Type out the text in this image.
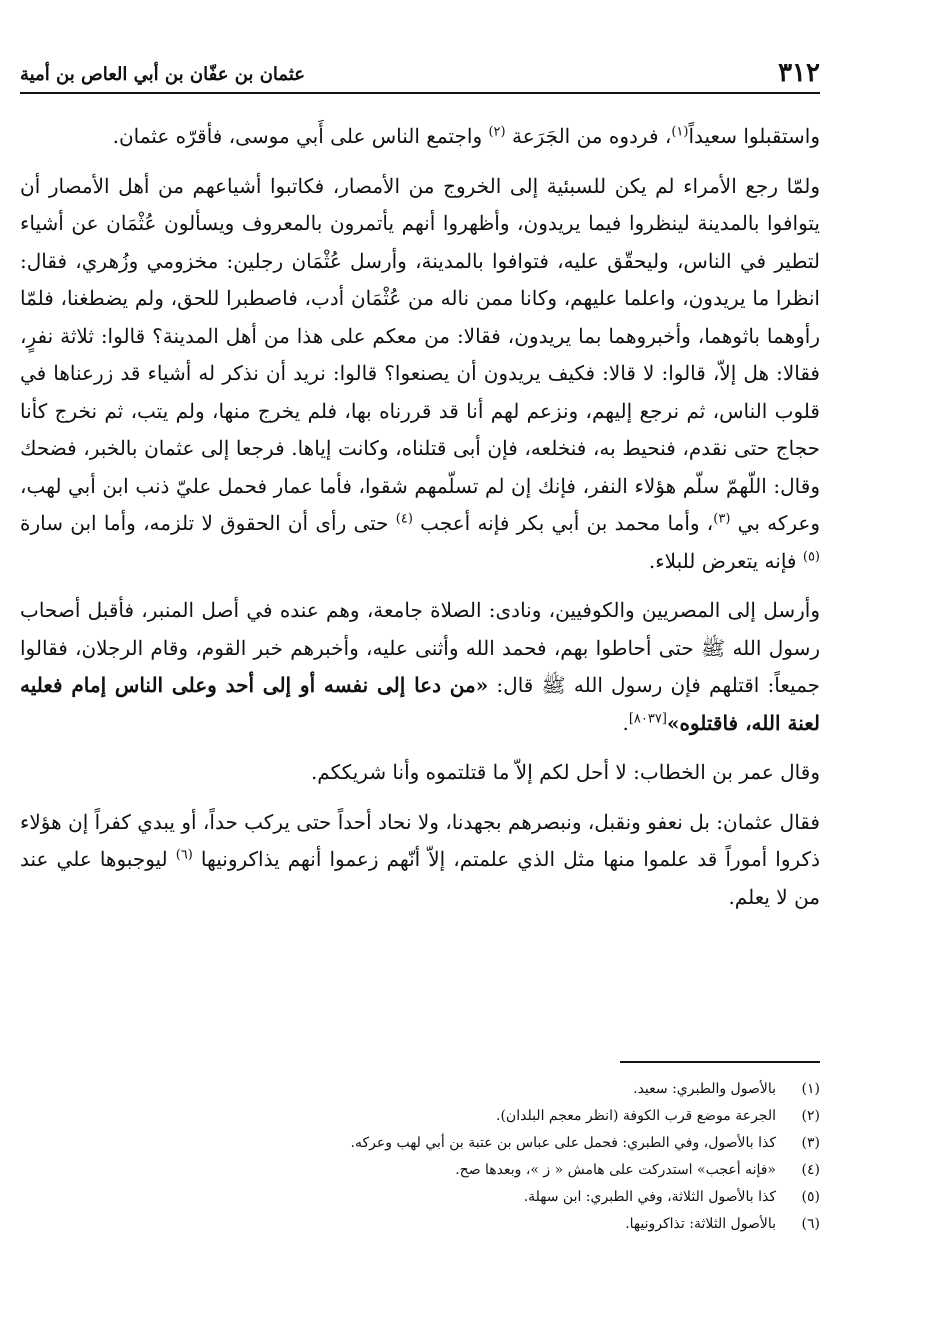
٣١٢
عثمان بن عفّان بن أبي العاص بن أمية

واستقبلوا سعيداً$^{(١)}$، فردوه من الجَرَعة $^{(٢)}$ واجتمع الناس على أَبي موسى، فأقرّه عثمان.

ولمّا رجع الأمراء لم يكن للسبئية إلى الخروج من الأمصار، فكاتبوا أشياعهم من أهل الأمصار أن يتوافوا بالمدينة لينظروا فيما يريدون، وأظهروا أنهم يأتمرون بالمعروف ويسألون عُثْمَان عن أشياء لتطير في الناس، وليحقّق عليه، فتوافوا بالمدينة، وأرسل عُثْمَان رجلين: مخزومي وزُهري، فقال: انظرا ما يريدون، واعلما عليهم، وكانا ممن ناله من عُثْمَان أدب، فاصطبرا للحق، ولم يضطغنا، فلمّا رأوهما باثوهما، وأخبروهما بما يريدون، فقالا: من معكم على هذا من أهل المدينة؟ قالوا: ثلاثة نفرٍ، فقالا: هل إلاّ، قالوا: لا قالا: فكيف يريدون أن يصنعوا؟ قالوا: نريد أن نذكر له أشياء قد زرعناها في قلوب الناس، ثم نرجع إليهم، ونزعم لهم أنا قد قررناه بها، فلم يخرج منها، ولم يتب، ثم نخرج كأنا حجاج حتى نقدم، فنحيط به، فنخلعه، فإن أبى قتلناه، وكانت إياها. فرجعا إلى عثمان بالخبر، فضحك وقال: اللّهمّ سلّم هؤلاء النفر، فإنك إن لم تسلّمهم شقوا، فأما عمار فحمل عليّ ذنب ابن أبي لهب، وعركه بي $^{(٣)}$، وأما محمد بن أبي بكر فإنه أعجب $^{(٤)}$ حتى رأى أن الحقوق لا تلزمه، وأما ابن سارة $^{(٥)}$ فإنه يتعرض للبلاء.

وأرسل إلى المصريين والكوفيين، ونادى: الصلاة جامعة، وهم عنده في أصل المنبر، فأقبل أصحاب رسول الله ﷺ حتى أحاطوا بهم، فحمد الله وأثنى عليه، وأخبرهم خبر القوم، وقام الرجلان، فقالوا جميعاً: اقتلهم فإن رسول الله ﷺ قال: «من دعا إلى نفسه أو إلى أحد وعلى الناس إمام فعليه لعنة الله، فاقتلوه»[٨٠٣٧].

وقال عمر بن الخطاب: لا أحل لكم إلاّ ما قتلتموه وأنا شريككم.

فقال عثمان: بل نعفو ونقبل، ونبصرهم بجهدنا، ولا نحاد أحداً حتى يركب حداً، أو يبدي كفراً إن هؤلاء ذكروا أموراً قد علموا منها مثل الذي علمتم، إلاّ أنّهم زعموا أنهم يذاكرونيها $^{(٦)}$ ليوجبوها علي عند من لا يعلم.

(١)بالأصول والطبري: سعيد.
(٢)الجرعة موضع قرب الكوفة (انظر معجم البلدان).
(٣)كذا بالأصول، وفي الطبري: فحمل على عباس بن عتبة بن أبي لهب وعركه.
(٤)«فإنه أعجب» استدركت على هامش « ز »، وبعدها صح.
(٥)كذا بالأصول الثلاثة، وفي الطبري: ابن سهلة.
(٦)بالأصول الثلاثة: تذاكرونيها.
